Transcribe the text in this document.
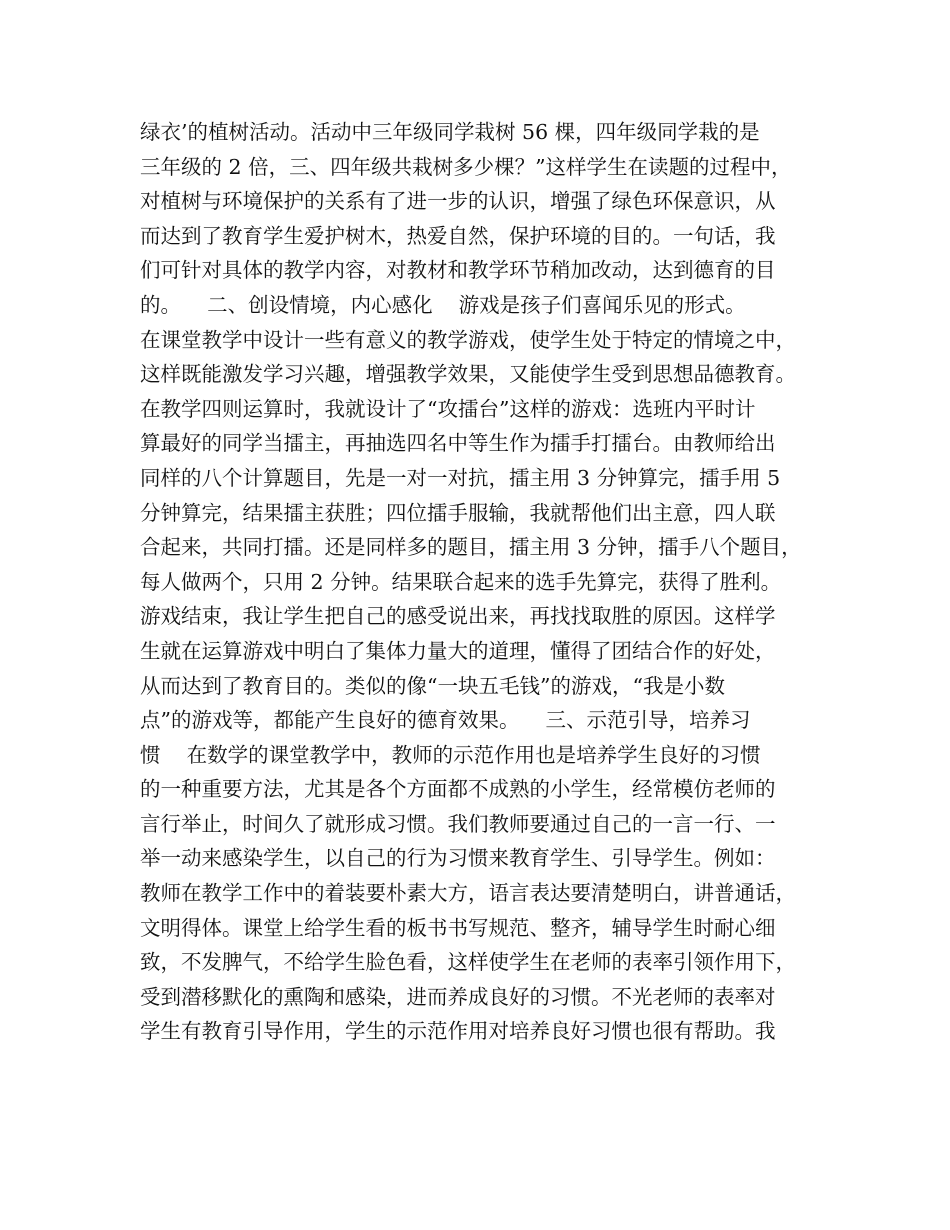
绿衣’的植树活动。活动中三年级同学栽树 56 棵，四年级同学栽的是
三年级的 2 倍，三、四年级共栽树多少棵？”这样学生在读题的过程中，
对植树与环境保护的关系有了进一步的认识，增强了绿色环保意识，从
而达到了教育学生爱护树木，热爱自然，保护环境的目的。一句话，我
们可针对具体的教学内容，对教材和教学环节稍加改动，达到德育的目
的。    二、创设情境，内心感化    游戏是孩子们喜闻乐见的形式。
在课堂教学中设计一些有意义的教学游戏，使学生处于特定的情境之中，
这样既能激发学习兴趣，增强教学效果，又能使学生受到思想品德教育。
在教学四则运算时，我就设计了“攻擂台”这样的游戏：选班内平时计
算最好的同学当擂主，再抽选四名中等生作为擂手打擂台。由教师给出
同样的八个计算题目，先是一对一对抗，擂主用 3 分钟算完，擂手用 5
分钟算完，结果擂主获胜；四位擂手服输，我就帮他们出主意，四人联
合起来，共同打擂。还是同样多的题目，擂主用 3 分钟，擂手八个题目，
每人做两个，只用 2 分钟。结果联合起来的选手先算完，获得了胜利。
游戏结束，我让学生把自己的感受说出来，再找找取胜的原因。这样学
生就在运算游戏中明白了集体力量大的道理，懂得了团结合作的好处，
从而达到了教育目的。类似的像“一块五毛钱”的游戏，“我是小数
点”的游戏等，都能产生良好的德育效果。    三、示范引导，培养习
惯    在数学的课堂教学中，教师的示范作用也是培养学生良好的习惯
的一种重要方法，尤其是各个方面都不成熟的小学生，经常模仿老师的
言行举止，时间久了就形成习惯。我们教师要通过自己的一言一行、一
举一动来感染学生，以自己的行为习惯来教育学生、引导学生。例如：
教师在教学工作中的着装要朴素大方，语言表达要清楚明白，讲普通话，
文明得体。课堂上给学生看的板书书写规范、整齐，辅导学生时耐心细
致，不发脾气，不给学生脸色看，这样使学生在老师的表率引领作用下，
受到潜移默化的熏陶和感染，进而养成良好的习惯。不光老师的表率对
学生有教育引导作用，学生的示范作用对培养良好习惯也很有帮助。我
